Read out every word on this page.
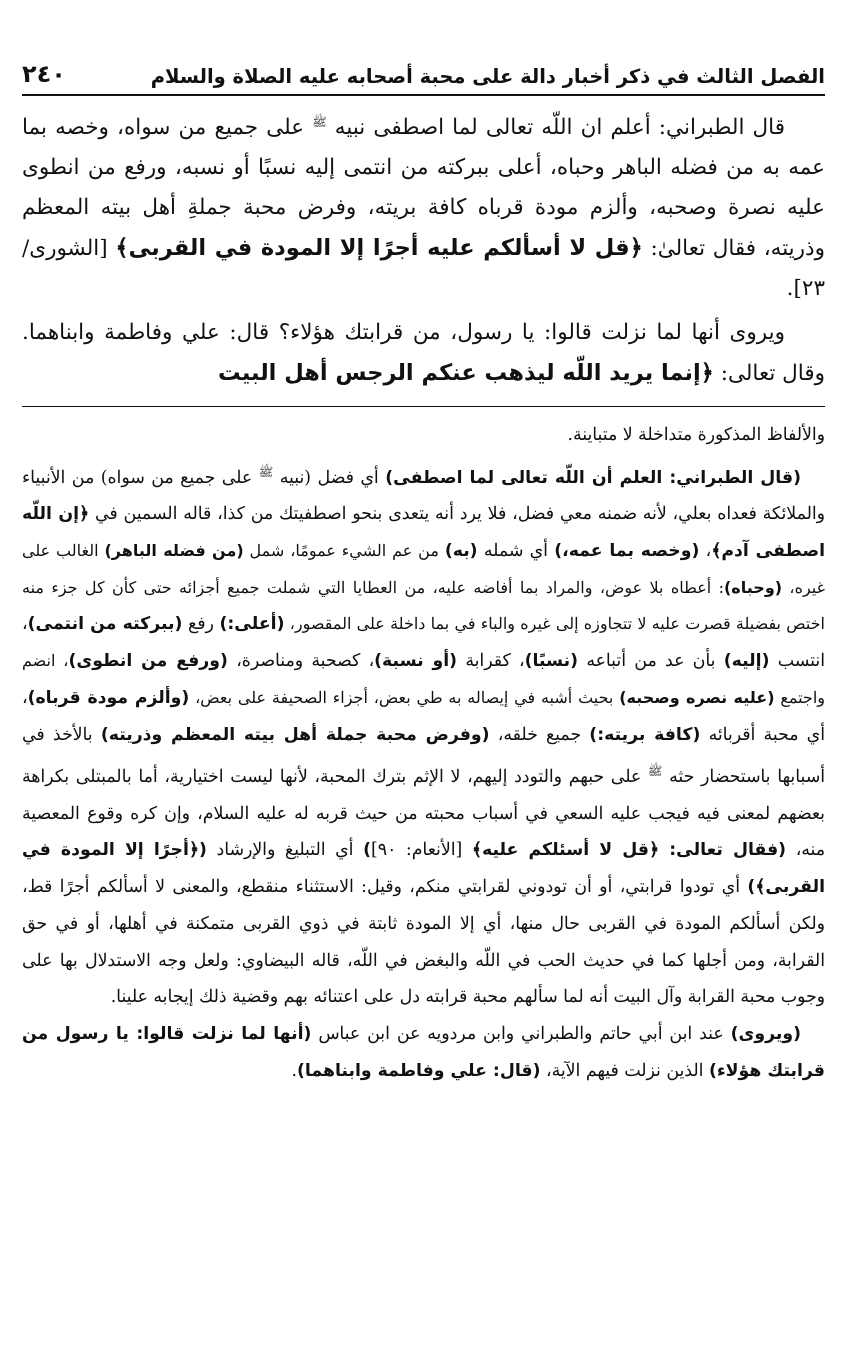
الفصل الثالث في ذكر أخبار دالة على محبة أصحابه عليه الصلاة والسلام
٢٤٠

قال الطبراني: أعلم ان اللّه تعالى لما اصطفى نبيه $^ﷺ$ على جميع من سواه، وخصه بما عمه به من فضله الباهر وحباه، أعلى ببركته من انتمى إليه نسبًا أو نسبه، ورفع من انطوى عليه نصرة وصحبه، وألزم مودة قرباه كافة بريته، وفرض محبة جملةِ أهل بيته المعظم وذريته، فقال تعالىٰ: ﴿قل لا أسألكم عليه أجرًا إلا المودة في القربى﴾ [الشورى/٢٣].

ويروى أنها لما نزلت قالوا: يا رسول، من قرابتك هؤلاء؟ قال: علي وفاطمة وابناهما. وقال تعالى: ﴿إنما يريد اللّه ليذهب عنكم الرجس أهل البيت

والألفاظ المذكورة متداخلة لا متباينة.

(قال الطبراني: العلم أن اللّه تعالى لما اصطفى) أي فضل (نبيه $^ﷺ$ على جميع من سواه) من الأنبياء والملائكة فعداه بعلي، لأنه ضمنه معي فضل، فلا يرد أنه يتعدى بنحو اصطفيتك من كذا، قاله السمين في ﴿إن اللّه اصطفى آدم﴾، (وخصه بما عمه،) أي شمله (به) من عم الشيء عمومًا، شمل (من فضله الباهر) الغالب على غيره، (وحباه): أعطاه بلا عوض، والمراد بما أفاضه عليه، من العطايا التي شملت جميع أجزائه حتى كأن كل جزء منه اختص بفضيلة قصرت عليه لا تتجاوزه إلى غيره والباء في بما داخلة على المقصور، (أعلى:) رفع (ببركته من انتمى)، انتسب (إليه) بأن عد من أتباعه (نسبًا)، كقرابة (أو نسبة)، كصحبة ومناصرة، (ورفع من انطوى)، انضم واجتمع (عليه نصره وصحبه) بحيث أشبه في إيصاله به طي بعض، أجزاء الصحيفة على بعض، (وألزم مودة قرباه)، أي محبة أقربائه (كافة بريته:) جميع خلقه، (وفرض محبة جملة أهل بيته المعظم وذريته) بالأخذ في أسبابها باستحضار حثه $^ﷺ$ على حبهم والتودد إليهم، لا الإثم بترك المحبة، لأنها ليست اختيارية، أما بالمبتلى بكراهة بعضهم لمعنى فيه فيجب عليه السعي في أسباب محبته من حيث قربه له عليه السلام، وإن كره وقوع المعصية منه، (فقال تعالى: ﴿قل لا أسئلكم عليه﴾ [الأنعام: ٩٠]) أي التبليغ والإرشاد (﴿أجرًا إلا المودة في القربى﴾) أي تودوا قرابتي، أو أن تودوني لقرابتي منكم، وقيل: الاستثناء منقطع، والمعنى لا أسألكم أجرًا قط، ولكن أسألكم المودة في القربى حال منها، أي إلا المودة ثابتة في ذوي القربى متمكنة في أهلها، أو في حق القرابة، ومن أجلها كما في حديث الحب في اللّه والبغض في اللّه، قاله البيضاوي: ولعل وجه الاستدلال بها على وجوب محبة القرابة وآل البيت أنه لما سألهم محبة قرابته دل على اعتنائه بهم وقضية ذلك إيجابه علينا.

(ويروى) عند ابن أبي حاتم والطبراني وابن مردويه عن ابن عباس (أنها لما نزلت قالوا: يا رسول من قرابتك هؤلاء) الذين نزلت فيهم الآية، (قال: علي وفاطمة وابناهما).
